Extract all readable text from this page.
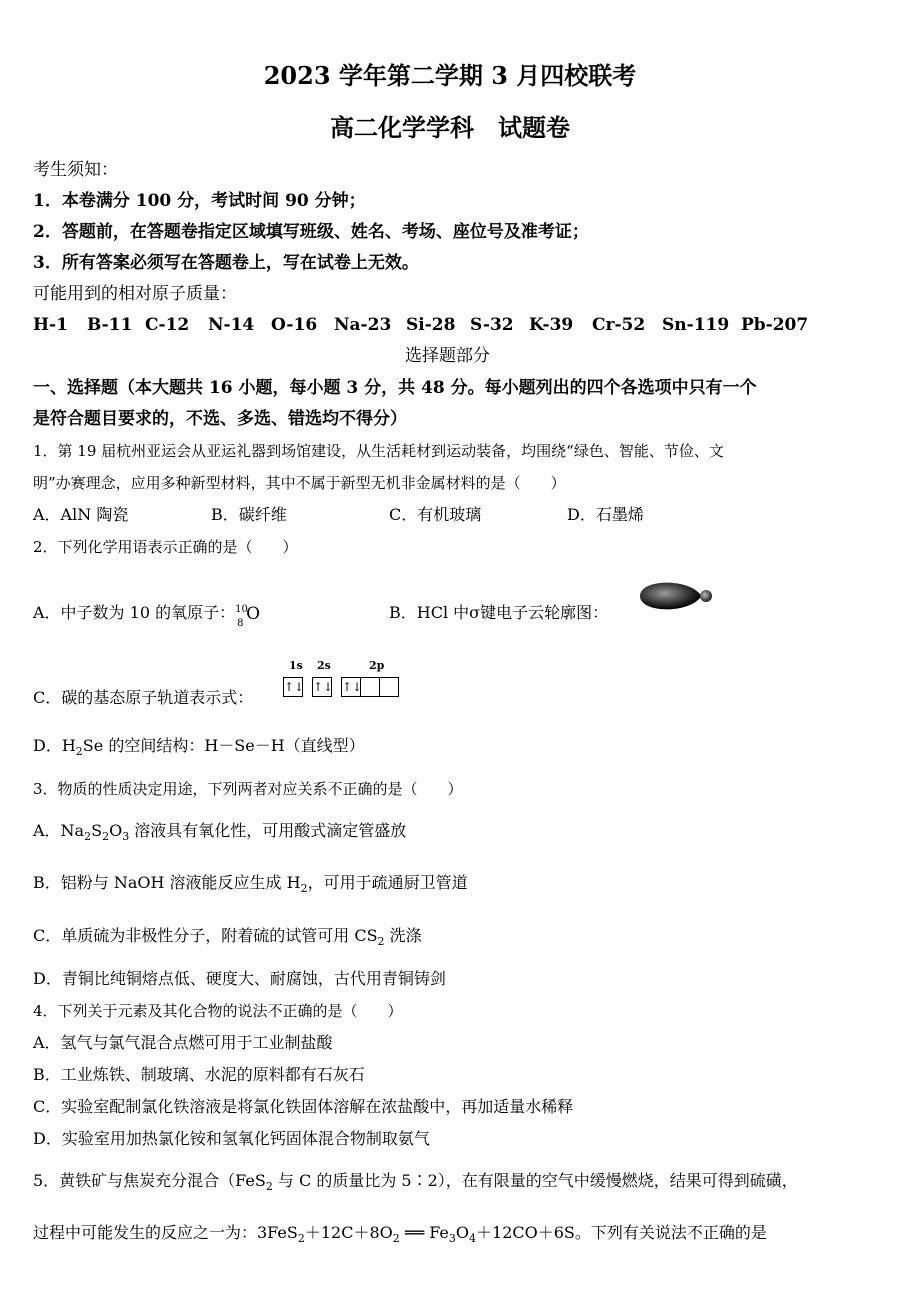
2023 学年第二学期 3 月四校联考
高二化学学科　试题卷
考生须知：
1．本卷满分 100 分，考试时间 90 分钟；
2．答题前，在答题卷指定区域填写班级、姓名、考场、座位号及准考证；
3．所有答案必须写在答题卷上，写在试卷上无效。
可能用到的相对原子质量：
H-1 B-11 C-12 N-14 O-16 Na-23 Si-28 S-32 K-39 Cr-52 Sn-119 Pb-207
选择题部分
一、选择题（本大题共 16 小题，每小题 3 分，共 48 分。每小题列出的四个各选项中只有一个
是符合题目要求的，不选、多选、错选均不得分）
1．第 19 届杭州亚运会从亚运礼器到场馆建设，从生活耗材到运动装备，均围绕“绿色、智能、节俭、文
明”办赛理念，应用多种新型材料，其中不属于新型无机非金属材料的是（　　）
A．AlN 陶瓷	B．碳纤维	C．有机玻璃	D．石墨烯
2．下列化学用语表示正确的是（　　）
A．中子数为 10 的氧原子： 10
8 O	B．HCl 中σ键电子云轮廓图：
C．碳的基态原子轨道表示式：
1s 2s	2p
↑↓ ↑↓ ↑↓
D．$H_2Se$ 的空间结构：H－Se－H（直线型）
3．物质的性质决定用途，下列两者对应关系不正确的是（　　）
A．$Na_2S_2O_3$ 溶液具有氧化性，可用酸式滴定管盛放
B．铝粉与 NaOH 溶液能反应生成 $H_2$，可用于疏通厨卫管道
C．单质硫为非极性分子，附着硫的试管可用 $CS_2$ 洗涤
D．青铜比纯铜熔点低、硬度大、耐腐蚀，古代用青铜铸剑
4．下列关于元素及其化合物的说法不正确的是（　　）
A．氢气与氯气混合点燃可用于工业制盐酸
B．工业炼铁、制玻璃、水泥的原料都有石灰石
C．实验室配制氯化铁溶液是将氯化铁固体溶解在浓盐酸中，再加适量水稀释
D．实验室用加热氯化铵和氢氧化钙固体混合物制取氨气
5．黄铁矿与焦炭充分混合（FeS$_2$ 与 C 的质量比为 5∶2），在有限量的空气中缓慢燃烧，结果可得到硫磺，
过程中可能发生的反应之一为：$3FeS_2+12C+8O_2$ ══ $Fe_3O_4+12CO+6S$。下列有关说法不正确的是
